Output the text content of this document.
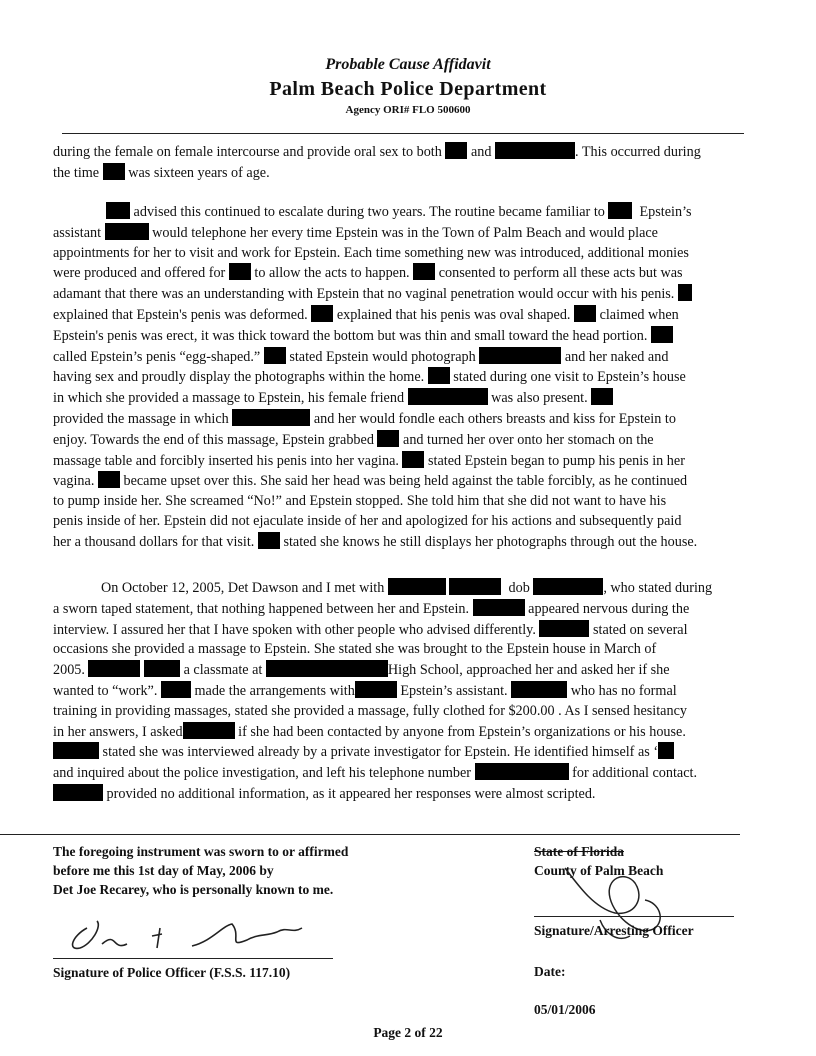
Probable Cause Affidavit
Palm Beach Police Department
Agency ORI# FLO 500600
during the female on female intercourse and provide oral sex to both and	. This occurred during
the time was sixteen years of age.
advised this continued to escalate during two years. The routine became familiar to Epstein’s
assistant	would telephone her every time Epstein was in the Town of Palm Beach and would place
appointments for her to visit and work for Epstein. Each time something new was introduced, additional monies
were produced and offered for to allow the acts to happen. consented to perform all these acts but was
adamant that there was an understanding with Epstein that no vaginal penetration would occur with his penis.
explained that Epstein's penis was deformed. explained that his penis was oval shaped. claimed when
Epstein's penis was erect, it was thick toward the bottom but was thin and small toward the head portion.
called Epstein’s penis “egg-shaped.” stated Epstein would photograph	and her naked and
having sex and proudly display the photographs within the home. stated during one visit to Epstein’s house
in which she provided a massage to Epstein, his female friend	was also present.
provided the massage in which	and her would fondle each others breasts and kiss for Epstein to
enjoy. Towards the end of this massage, Epstein grabbed and turned her over onto her stomach on the
massage table and forcibly inserted his penis into her vagina. stated Epstein began to pump his penis in her
vagina. became upset over this. She said her head was being held against the table forcibly, as he continued
to pump inside her. She screamed “No!” and Epstein stopped. She told him that she did not want to have his
penis inside of her. Epstein did not ejaculate inside of her and apologized for his actions and subsequently paid
her a thousand dollars for that visit. stated she knows he still displays her photographs through out the house.
On October 12, 2005, Det Dawson and I met with	dob	, who stated during
a sworn taped statement, that nothing happened between her and Epstein.	appeared nervous during the
interview. I assured her that I have spoken with other people who advised differently.	stated on several
occasions she provided a massage to Epstein. She stated she was brought to the Epstein house in March of
2005.	a classmate at	High School, approached her and asked her if she
wanted to “work”.	made the arrangements with	Epstein’s assistant.	who has no formal
training in providing massages, stated she provided a massage, fully clothed for $200.00 . As I sensed hesitancy
in her answers, I asked	if she had been contacted by anyone from Epstein’s organizations or his house.
stated she was interviewed already by a private investigator for Epstein. He identified himself as ‘
and inquired about the police investigation, and left his telephone number	for additional contact.
provided no additional information, as it appeared her responses were almost scripted.
The foregoing instrument was sworn to or affirmed
before me this 1st day of May, 2006 by
Det Joe Recarey, who is personally known to me.
Signature of Police Officer (F.S.S. 117.10)
State of Florida
County of Palm Beach
Signature/Arresting Officer
Date:

05/01/2006
Page 2 of 22
